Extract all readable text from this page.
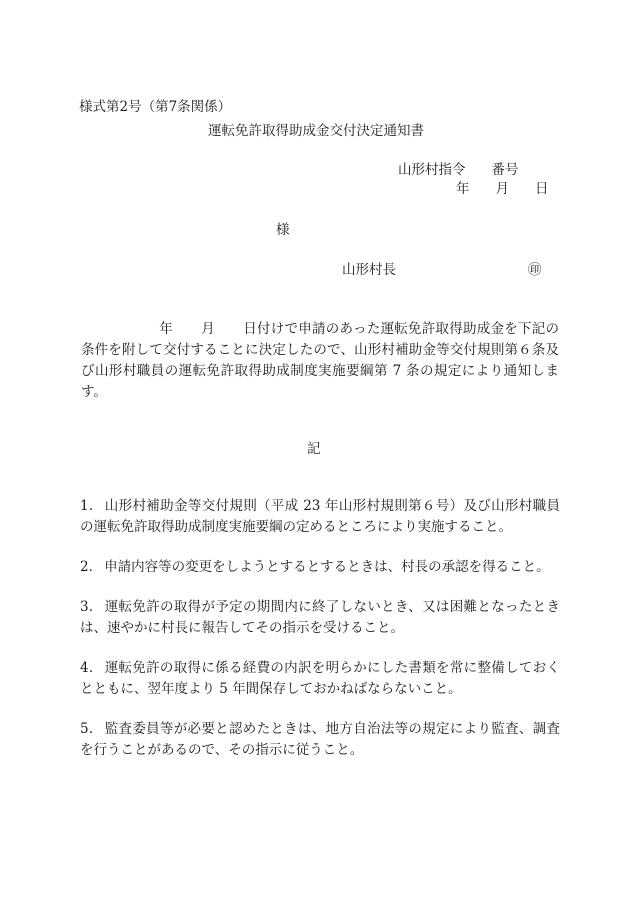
様式第2号（第7条関係）
運転免許取得助成金交付決定通知書
山形村指令 番号
年 月 日
様
山形村長	㊞
年 月 日付けで申請のあった運転免許取得助成金を下記の条件を附して交付することに決定したので、山形村補助金等交付規則第６条及び山形村職員の運転免許取得助成制度実施要綱第 7 条の規定により通知します。
記
1． 山形村補助金等交付規則（平成 23 年山形村規則第６号）及び山形村職員の運転免許取得助成制度実施要綱の定めるところにより実施すること。
2． 申請内容等の変更をしようとするとするときは、村長の承認を得ること。
3． 運転免許の取得が予定の期間内に終了しないとき、又は困難となったときは、速やかに村長に報告してその指示を受けること。
4． 運転免許の取得に係る経費の内訳を明らかにした書類を常に整備しておくとともに、翌年度より 5 年間保存しておかねばならないこと。
5． 監査委員等が必要と認めたときは、地方自治法等の規定により監査、調査を行うことがあるので、その指示に従うこと。
